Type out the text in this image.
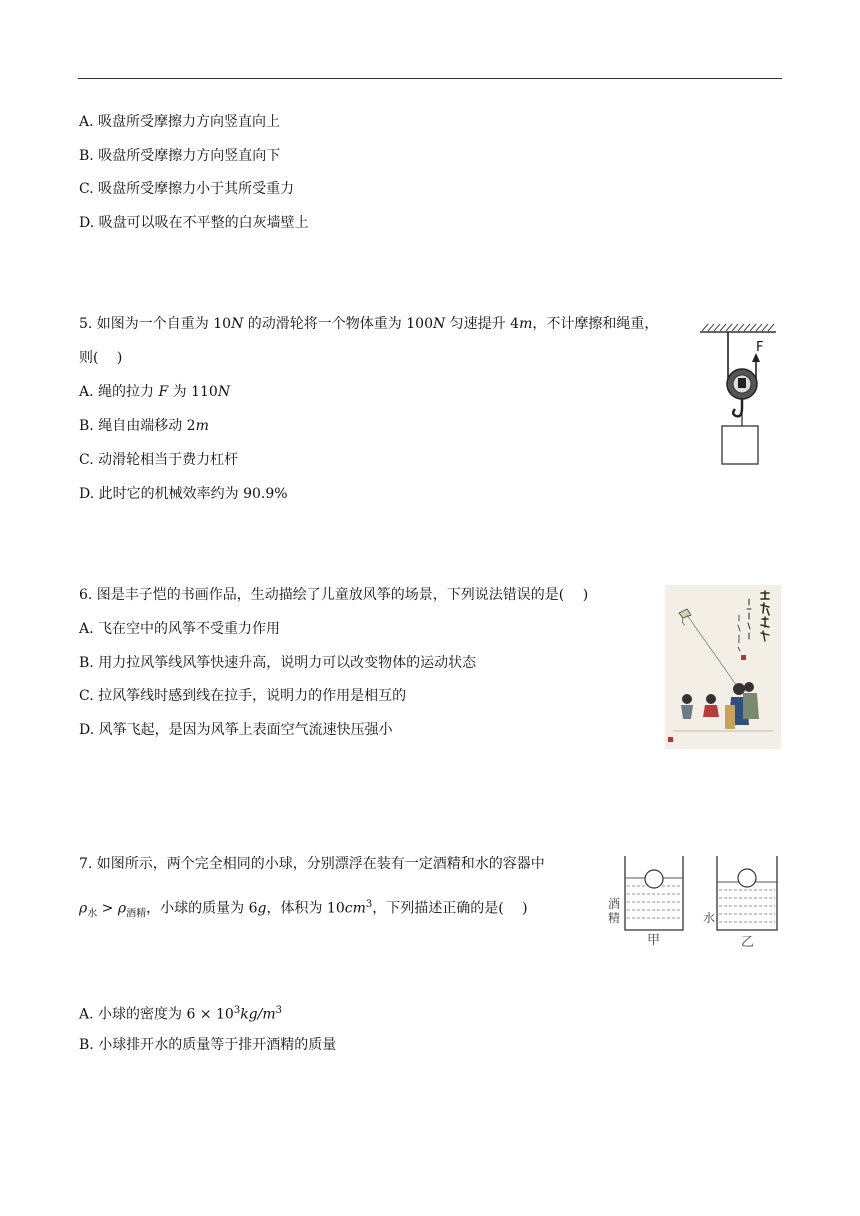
A. 吸盘所受摩擦力方向竖直向上
B. 吸盘所受摩擦力方向竖直向下
C. 吸盘所受摩擦力小于其所受重力
D. 吸盘可以吸在不平整的白灰墙壁上
5. 如图为一个自重为 10N 的动滑轮将一个物体重为 100N 匀速提升 4m，不计摩擦和绳重，
则(　 )
A. 绳的拉力 F 为 110N
B. 绳自由端移动 2m
C. 动滑轮相当于费力杠杆
D. 此时它的机械效率约为 90.9%
F
6. 图是丰子恺的书画作品，生动描绘了儿童放风筝的场景，下列说法错误的是(　 )
A. 飞在空中的风筝不受重力作用
B. 用力拉风筝线风筝快速升高，说明力可以改变物体的运动状态
C. 拉风筝线时感到线在拉手，说明力的作用是相互的
D. 风筝飞起，是因为风筝上表面空气流速快压强小
7. 如图所示，两个完全相同的小球，分别漂浮在装有一定酒精和水的容器中
$\rho_水 > \rho_{酒精}$，小球的质量为 6g，体积为 $10cm^3$，下列描述正确的是(　 )
A. 小球的密度为 $6 \times 10^3kg/m^3$
B. 小球排开水的质量等于排开酒精的质量
酒精
甲
水
乙
